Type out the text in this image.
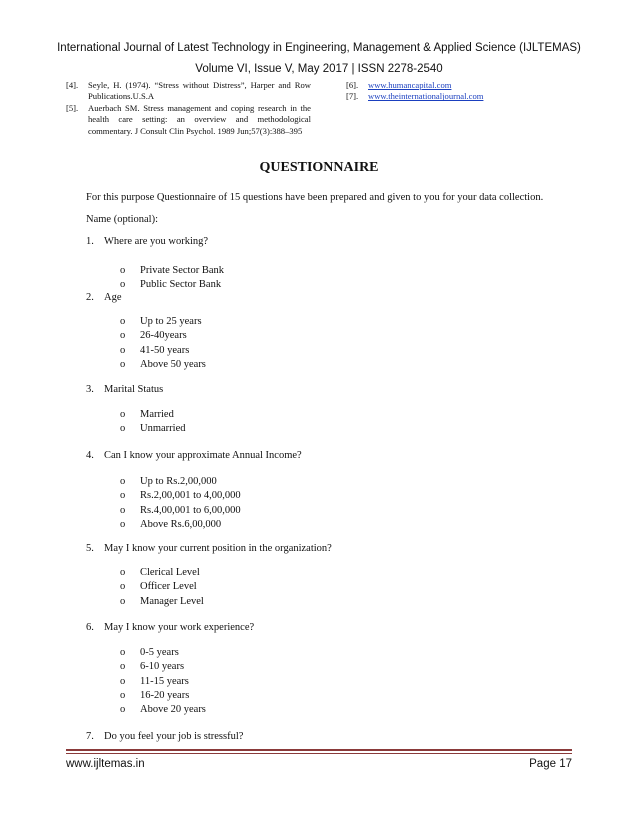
International Journal of Latest Technology in Engineering, Management & Applied Science (IJLTEMAS)
Volume VI, Issue V, May 2017 | ISSN 2278-2540
[4].	Seyle, H. (1974). “Stress without Distress”, Harper and Row Publications.U.S.A
[5].	Auerbach SM. Stress management and coping research in the health care setting: an overview and methodological commentary. J Consult Clin Psychol. 1989 Jun;57(3):388–395
[6].	www.humancapital.com
[7].	www.theinternationaljournal.com
QUESTIONNAIRE
For this purpose Questionnaire of 15 questions have been prepared and given to you for your data collection.
Name (optional):
1. Where are you working?
o Private Sector Bank
o Public Sector Bank
2. Age
o Up to 25 years
o 26-40years
o 41-50 years
o Above 50 years
3. Marital Status
o Married
o Unmarried
4. Can I know your approximate Annual Income?
o Up to Rs.2,00,000
o Rs.2,00,001 to 4,00,000
o Rs.4,00,001 to 6,00,000
o Above Rs.6,00,000
5. May I know your current position in the organization?
o Clerical Level
o Officer Level
o Manager Level
6. May I know your work experience?
o 0-5 years
o 6-10 years
o 11-15 years
o 16-20 years
o Above 20 years
7. Do you feel your job is stressful?
www.ijltemas.in	Page 17
